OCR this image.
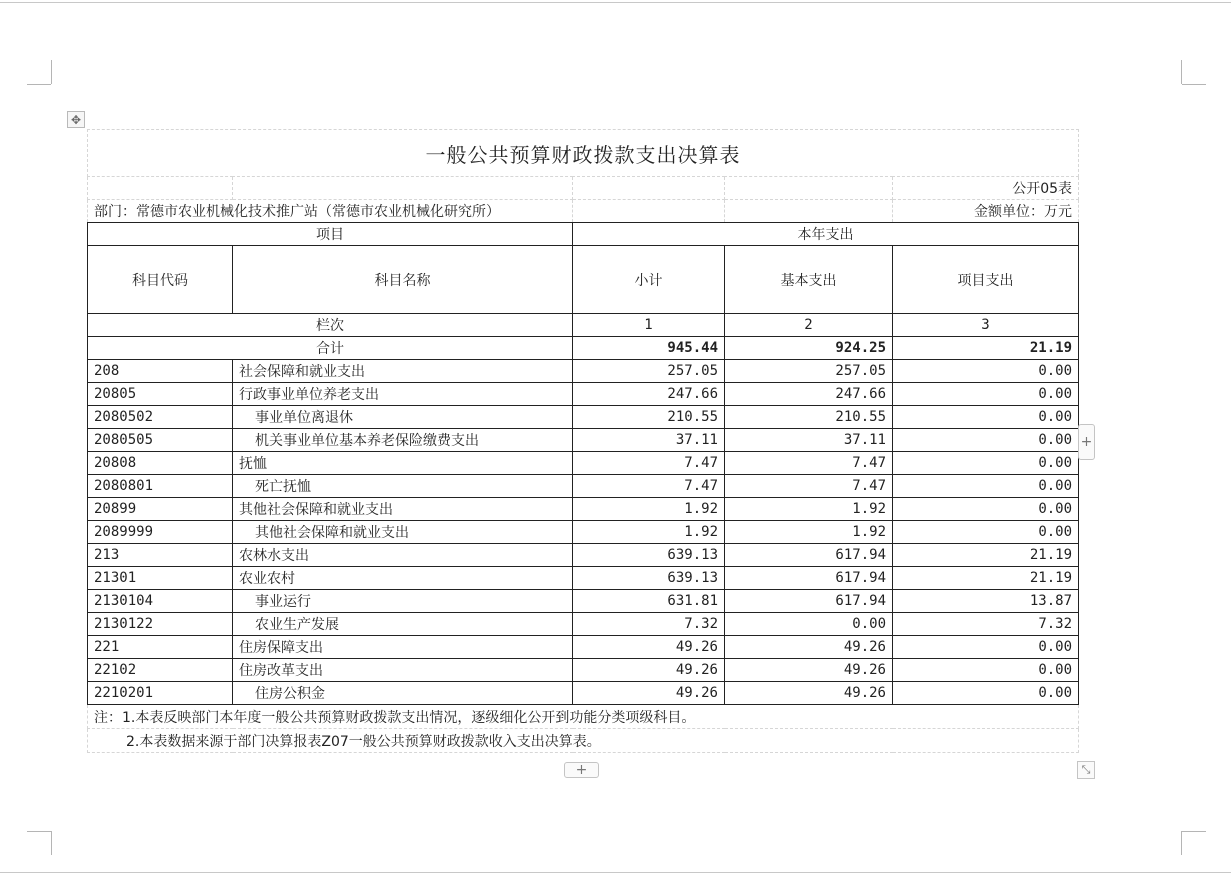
✥
一般公共预算财政拨款支出决算表				
				公开05表
部门：常德市农业机械化技术推广站（常德市农业机械化研究所）				金额单位：万元
项目		本年支出		
科目代码	科目名称	小计	基本支出	项目支出
栏次		1	2	3
合计		945.44	924.25	21.19
208	社会保障和就业支出	257.05	257.05	0.00
20805	行政事业单位养老支出	247.66	247.66	0.00
2080502	事业单位离退休	210.55	210.55	0.00
2080505	机关事业单位基本养老保险缴费支出	37.11	37.11	0.00
20808	抚恤	7.47	7.47	0.00
2080801	死亡抚恤	7.47	7.47	0.00
20899	其他社会保障和就业支出	1.92	1.92	0.00
2089999	其他社会保障和就业支出	1.92	1.92	0.00
213	农林水支出	639.13	617.94	21.19
21301	农业农村	639.13	617.94	21.19
2130104	事业运行	631.81	617.94	13.87
2130122	农业生产发展	7.32	0.00	7.32
221	住房保障支出	49.26	49.26	0.00
22102	住房改革支出	49.26	49.26	0.00
2210201	住房公积金	49.26	49.26	0.00
注：1.本表反映部门本年度一般公共预算财政拨款支出情况，逐级细化公开到功能分类项级科目。				
2.本表数据来源于部门决算报表Z07一般公共预算财政拨款收入支出决算表。				
+
+	⤡
